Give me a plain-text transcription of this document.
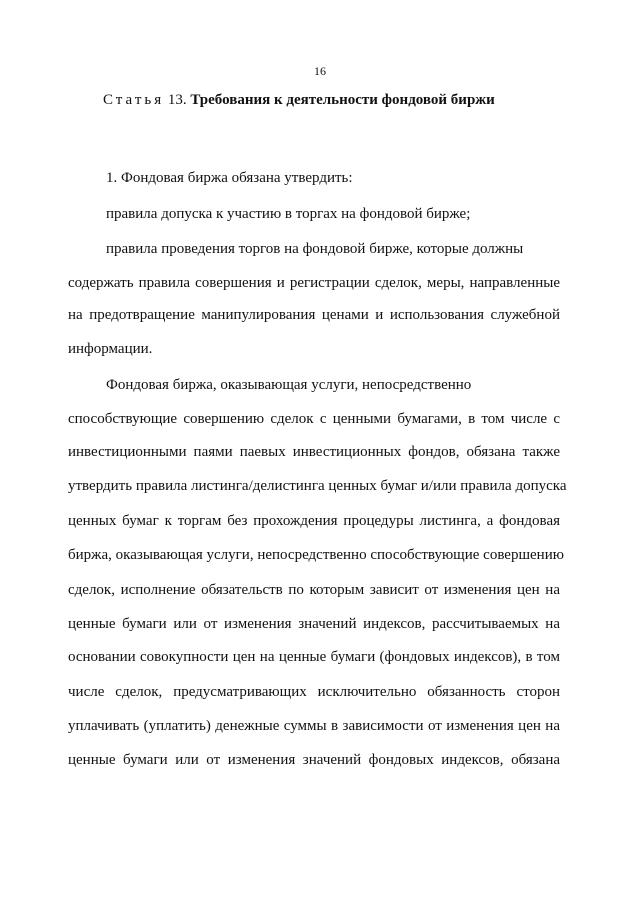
16
Статья 13. Требования к деятельности фондовой биржи
1. Фондовая биржа обязана утвердить:
правила допуска к участию в торгах на фондовой бирже;
правила проведения торгов на фондовой бирже, которые должны
содержать правила совершения и регистрации сделок, меры, направленные
на предотвращение манипулирования ценами и использования служебной
информации.
Фондовая биржа, оказывающая услуги, непосредственно
способствующие совершению сделок с ценными бумагами, в том числе с
инвестиционными паями паевых инвестиционных фондов, обязана также
утвердить правила листинга/делистинга ценных бумаг и/или правила допуска
ценных бумаг к торгам без прохождения процедуры листинга, а фондовая
биржа, оказывающая услуги, непосредственно способствующие совершению
сделок, исполнение обязательств по которым зависит от изменения цен на
ценные бумаги или от изменения значений индексов, рассчитываемых на
основании совокупности цен на ценные бумаги (фондовых индексов), в том
числе сделок, предусматривающих исключительно обязанность сторон
уплачивать (уплатить) денежные суммы в зависимости от изменения цен на
ценные бумаги или от изменения значений фондовых индексов, обязана
